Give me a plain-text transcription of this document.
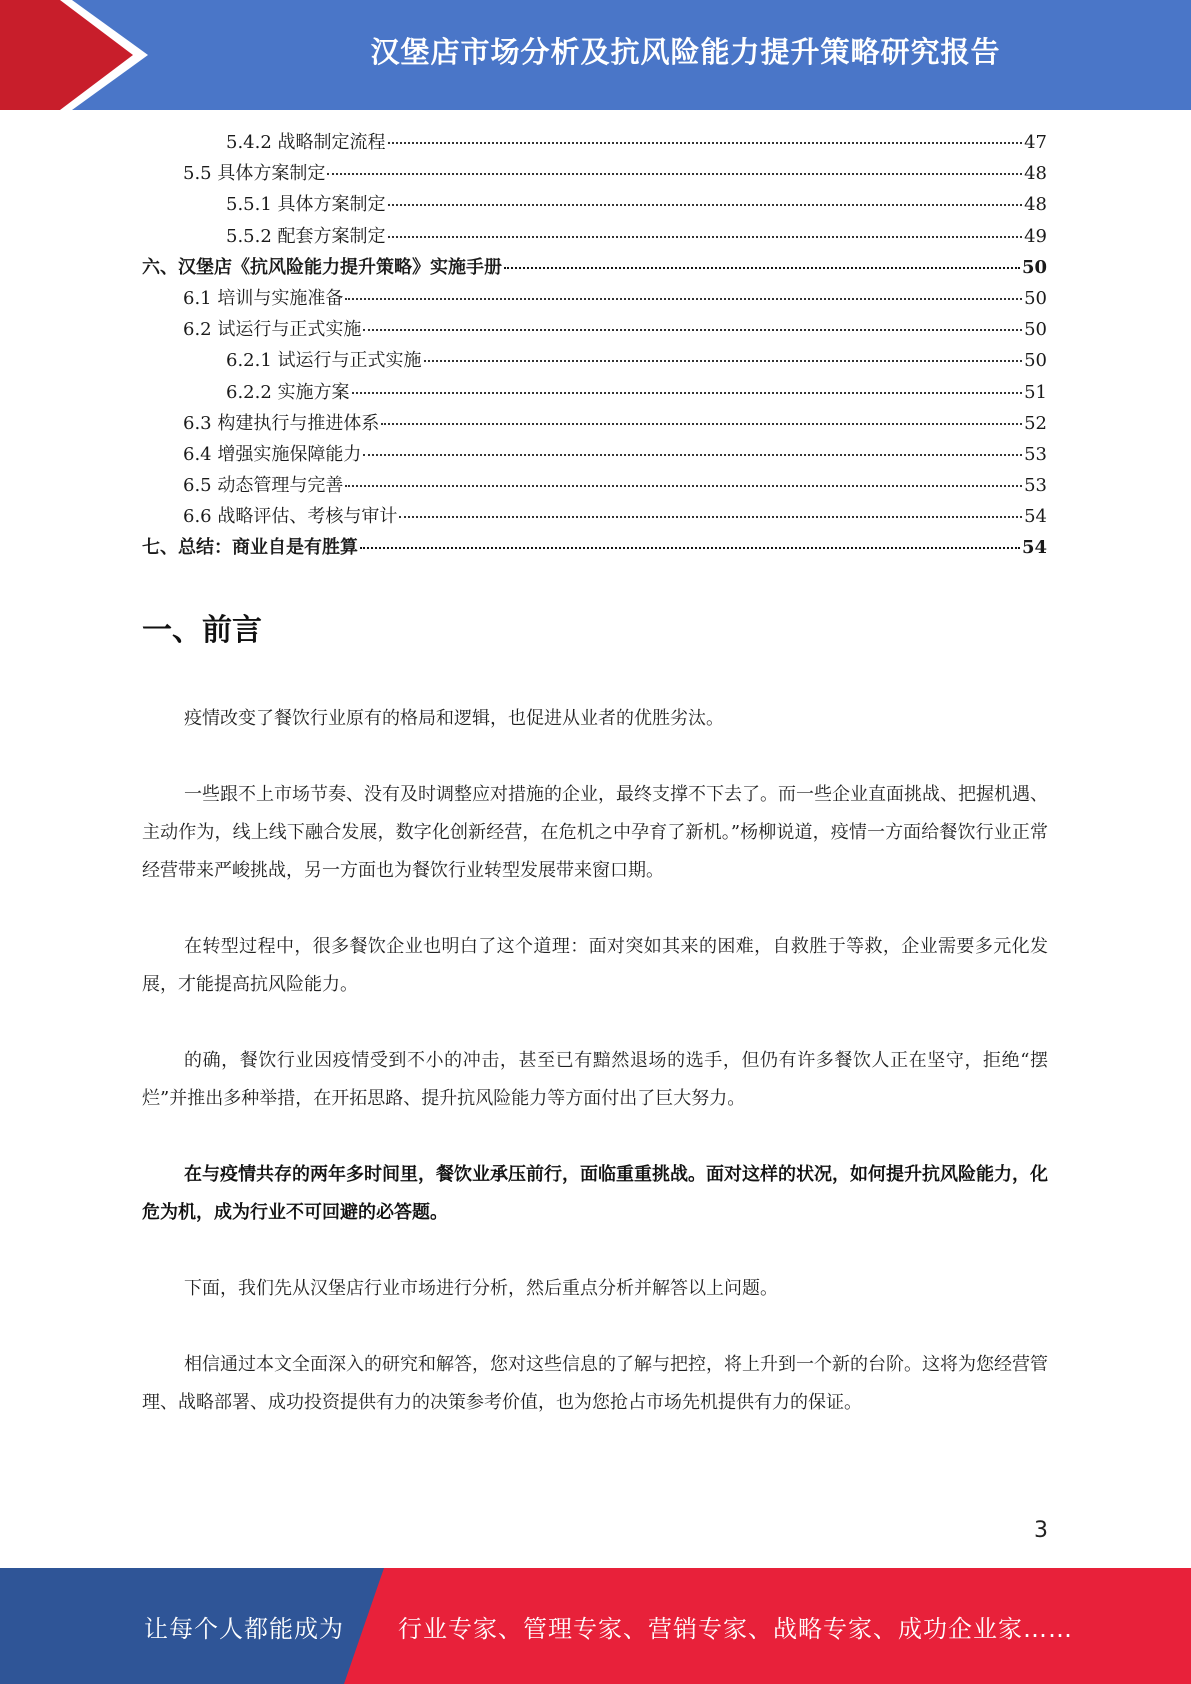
汉堡店市场分析及抗风险能力提升策略研究报告
5.4.2 战略制定流程	47
5.5 具体方案制定	48
5.5.1 具体方案制定	48
5.5.2 配套方案制定	49
六、汉堡店《抗风险能力提升策略》实施手册	50
6.1 培训与实施准备	50
6.2 试运行与正式实施	50
6.2.1 试运行与正式实施	50
6.2.2 实施方案	51
6.3 构建执行与推进体系	52
6.4 增强实施保障能力	53
6.5 动态管理与完善	53
6.6 战略评估、考核与审计	54
七、总结：商业自是有胜算	54
一、前言

疫情改变了餐饮行业原有的格局和逻辑，也促进从业者的优胜劣汰。

一些跟不上市场节奏、没有及时调整应对措施的企业，最终支撑不下去了。而一些企业直面挑战、把握机遇、主动作为，线上线下融合发展，数字化创新经营，在危机之中孕育了新机。”杨柳说道，疫情一方面给餐饮行业正常经营带来严峻挑战，另一方面也为餐饮行业转型发展带来窗口期。

在转型过程中，很多餐饮企业也明白了这个道理：面对突如其来的困难，自救胜于等救，企业需要多元化发展，才能提高抗风险能力。

的确，餐饮行业因疫情受到不小的冲击，甚至已有黯然退场的选手，但仍有许多餐饮人正在坚守，拒绝“摆烂”并推出多种举措，在开拓思路、提升抗风险能力等方面付出了巨大努力。

在与疫情共存的两年多时间里，餐饮业承压前行，面临重重挑战。面对这样的状况，如何提升抗风险能力，化危为机，成为行业不可回避的必答题。

下面，我们先从汉堡店行业市场进行分析，然后重点分析并解答以上问题。

相信通过本文全面深入的研究和解答，您对这些信息的了解与把控，将上升到一个新的台阶。这将为您经营管理、战略部署、成功投资提供有力的决策参考价值，也为您抢占市场先机提供有力的保证。

3
让每个人都能成为 行业专家、管理专家、营销专家、战略专家、成功企业家……
